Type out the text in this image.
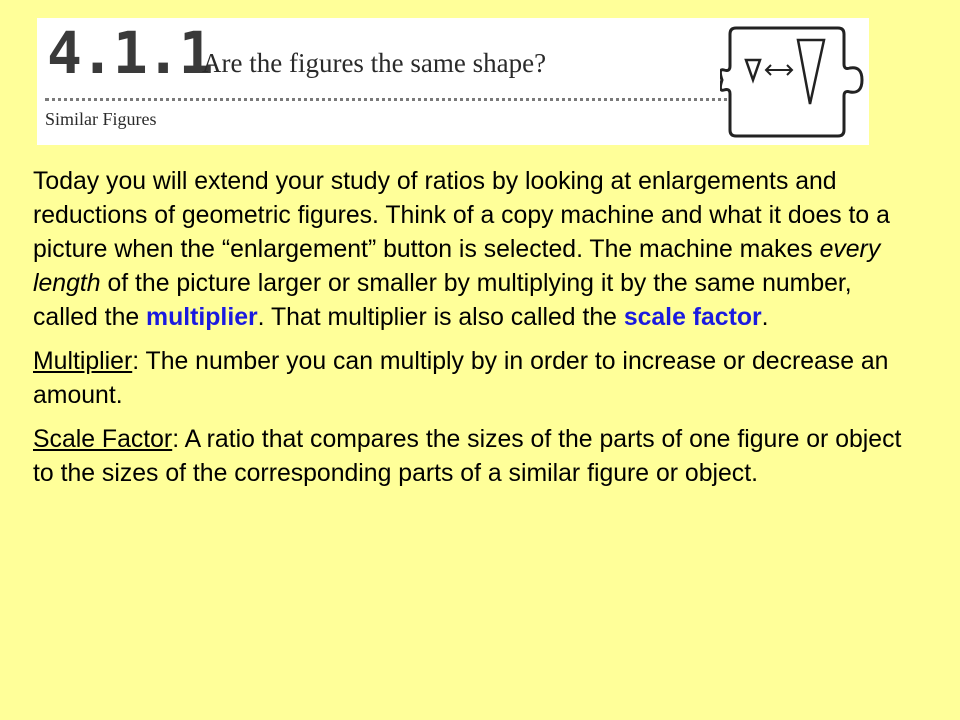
4.1.1
Are the figures the same shape?
Similar Figures

Today you will extend your study of ratios by looking at enlargements and reductions of geometric figures. Think of a copy machine and what it does to a picture when the “enlargement” button is selected. The machine makes every length of the picture larger or smaller by multiplying it by the same number, called the multiplier. That multiplier is also called the scale factor.

Multiplier: The number you can multiply by in order to increase or decrease an amount.

Scale Factor: A ratio that compares the sizes of the parts of one figure or object to the sizes of the corresponding parts of a similar figure or object.
